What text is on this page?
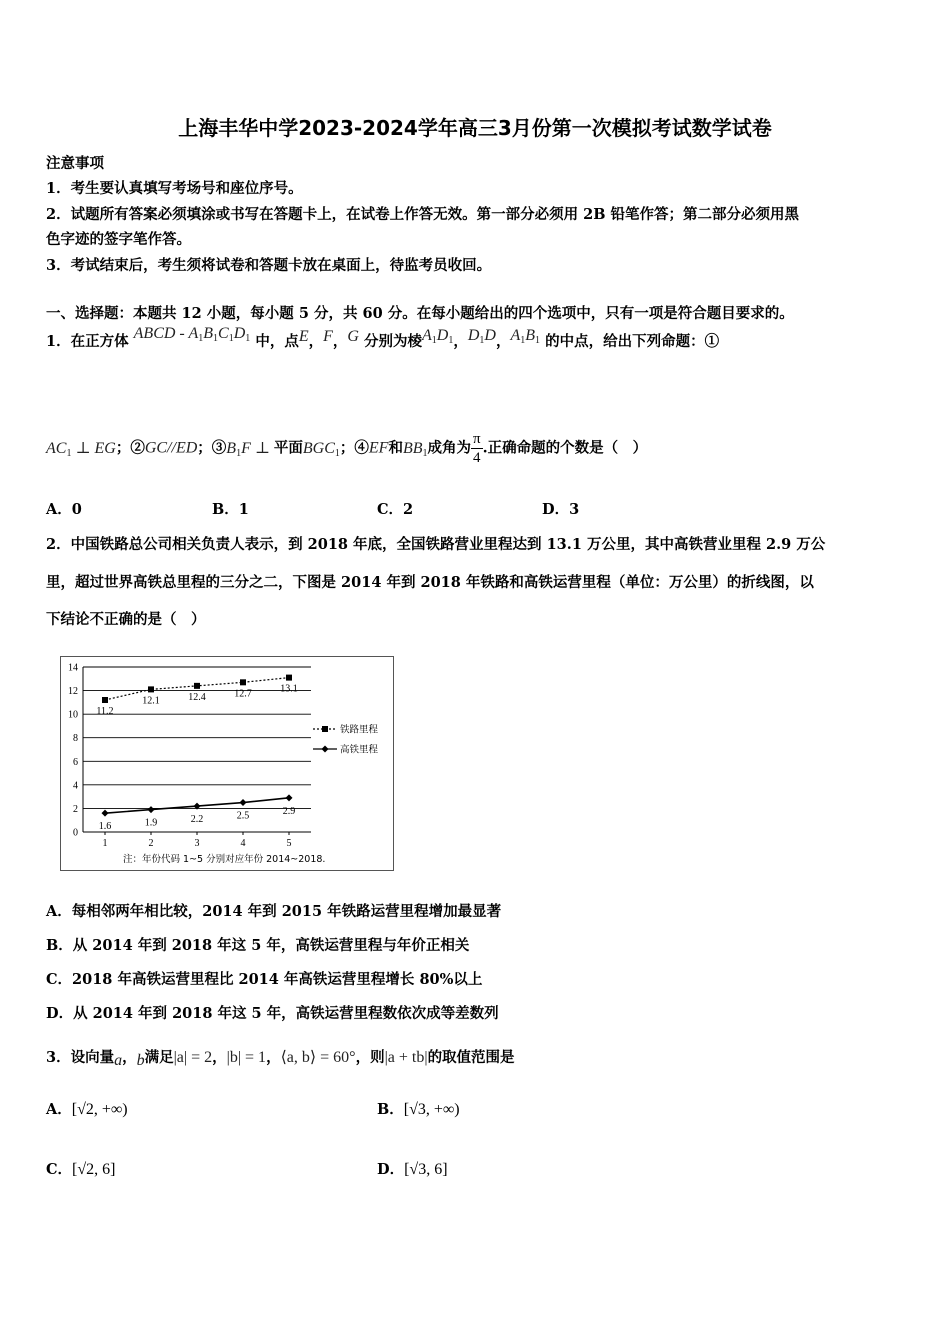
上海丰华中学2023-2024学年高三3月份第一次模拟考试数学试卷
注意事项
1．考生要认真填写考场号和座位序号。
2．试题所有答案必须填涂或书写在答题卡上，在试卷上作答无效。第一部分必须用 2B 铅笔作答；第二部分必须用黑
色字迹的签字笔作答。
3．考试结束后，考生须将试卷和答题卡放在桌面上，待监考员收回。
一、选择题：本题共 12 小题，每小题 5 分，共 60 分。在每小题给出的四个选项中，只有一项是符合题目要求的。
1．在正方体 ABCD - $A_1B_1C_1D_1$ 中，点E，F，G 分别为棱$A_1D_1$，$D_1D$，$A_1B_1$ 的中点，给出下列命题：①
$AC_1$ ⊥ EG；②GC//ED；$③B_1F$ ⊥ 平面$BGC_1$；④EF和$BB_1$成角为 $\frac{\pi}{4}$ .正确命题的个数是（　）
A．0	B．1	C．2	D．3
2．中国铁路总公司相关负责人表示，到 2018 年底，全国铁路营业里程达到 13.1 万公里，其中高铁营业里程 2.9 万公
里，超过世界高铁总里程的三分之二，下图是 2014 年到 2018 年铁路和高铁运营里程（单位：万公里）的折线图，以
下结论不正确的是（　）
0
2
4
6
8
10
12
14
1	2	3	4	5
注：年份代码 1~5 分别对应年份 2014~2018.
11.2
12.1	12.4	12.7	13.1
1.6	1.9	2.2	2.5	2.9
铁路里程
高铁里程
A．每相邻两年相比较，2014 年到 2015 年铁路运营里程增加最显著
B．从 2014 年到 2018 年这 5 年，高铁运营里程与年价正相关
C．2018 年高铁运营里程比 2014 年高铁运营里程增长 80%以上
D．从 2014 年到 2018 年这 5 年，高铁运营里程数依次成等差数列
3．设向量a，b满足|a| = 2，|b| = 1，⟨a, b⟩ = 60°，则|a + tb|的取值范围是
A．[√2, +∞)	B．[√3, +∞)
C．[√2, 6]	D．[√3, 6]
